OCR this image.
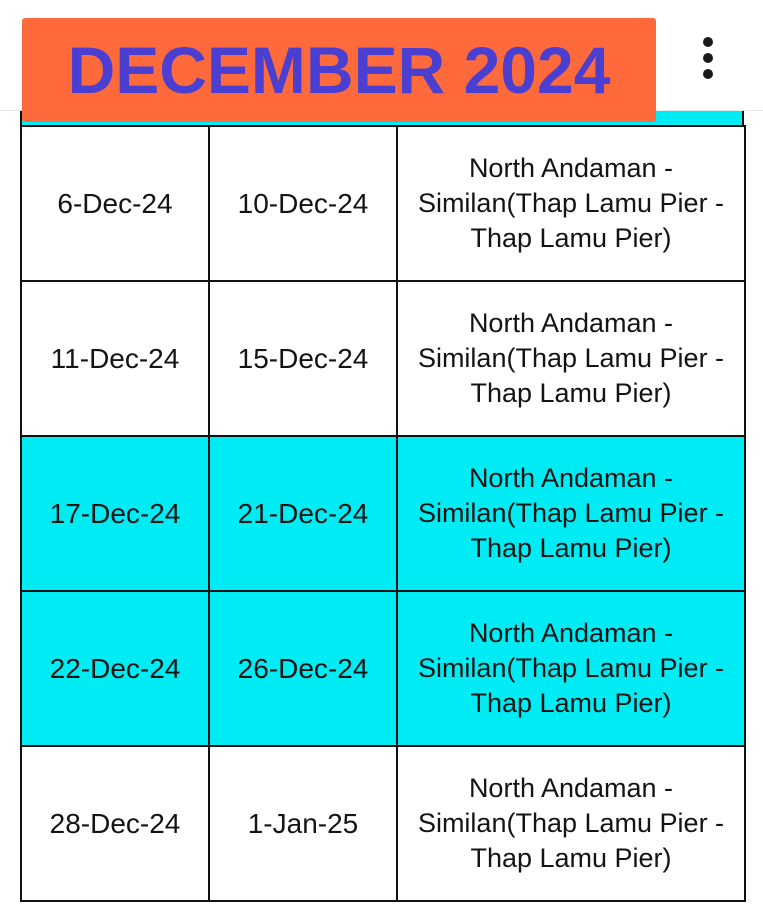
DECEMBER 2024
6-Dec-24	10-Dec-24	North Andaman - Similan(Thap Lamu Pier - Thap Lamu Pier)
11-Dec-24	15-Dec-24	North Andaman - Similan(Thap Lamu Pier - Thap Lamu Pier)
17-Dec-24	21-Dec-24	North Andaman - Similan(Thap Lamu Pier - Thap Lamu Pier)
22-Dec-24	26-Dec-24	North Andaman - Similan(Thap Lamu Pier - Thap Lamu Pier)
28-Dec-24	1-Jan-25	North Andaman - Similan(Thap Lamu Pier - Thap Lamu Pier)
